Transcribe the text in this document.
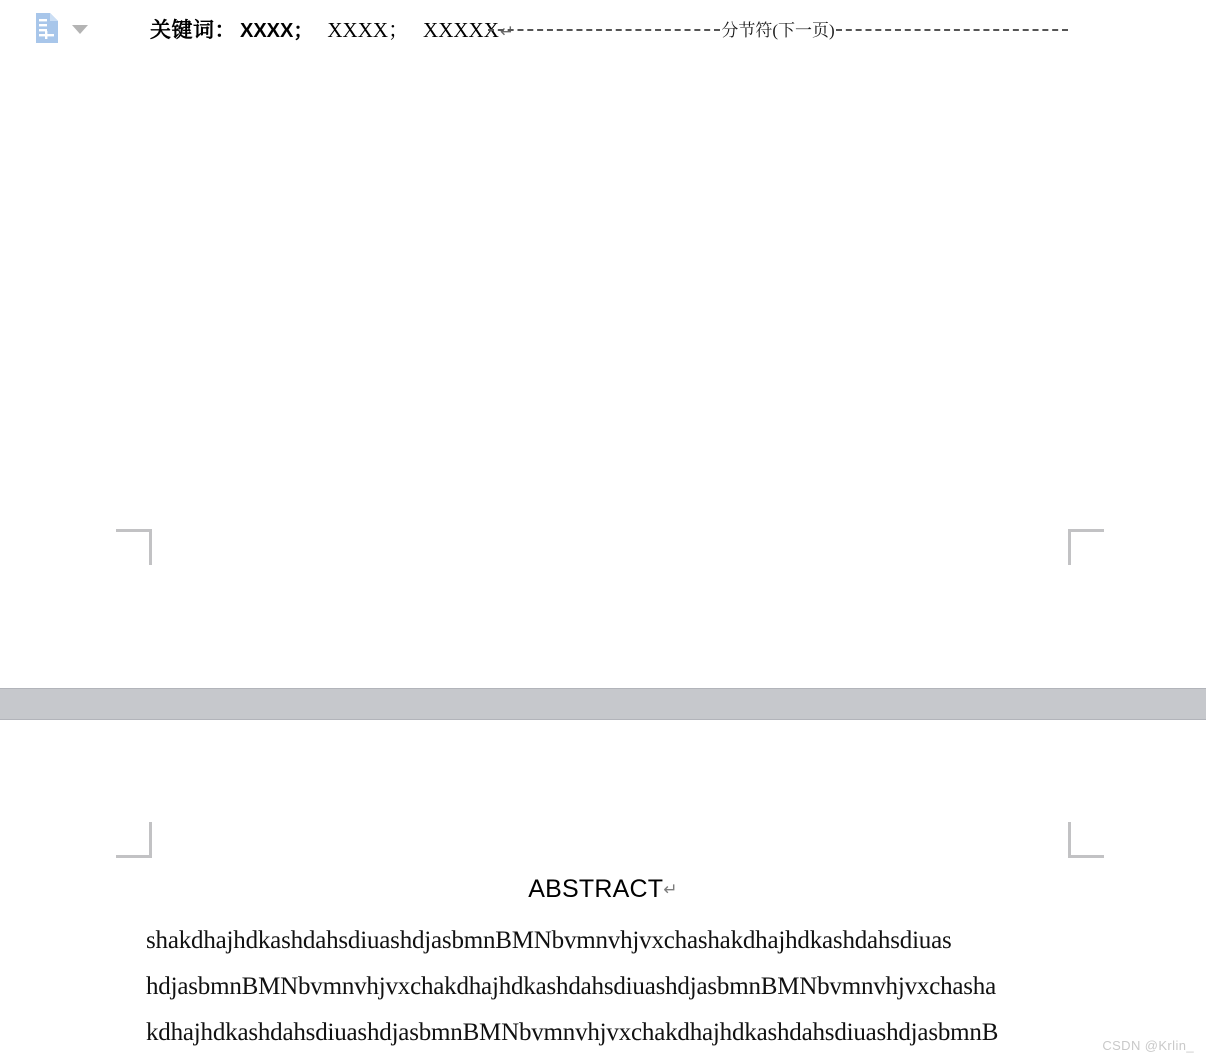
关键词： XXXX； XXXX； XXXXX ↵	分节符(下一页)
ABSTRACT↵

shakdhajhdkashdahsdiuashdjasbmnBMNbvmnvhjvxchashakdhajhdkashdahsdiuas

hdjasbmnBMNbvmnvhjvxchakdhajhdkashdahsdiuashdjasbmnBMNbvmnvhjvxchasha

kdhajhdkashdahsdiuashdjasbmnBMNbvmnvhjvxchakdhajhdkashdahsdiuashdjasbmnB	CSDN @Krlin_
